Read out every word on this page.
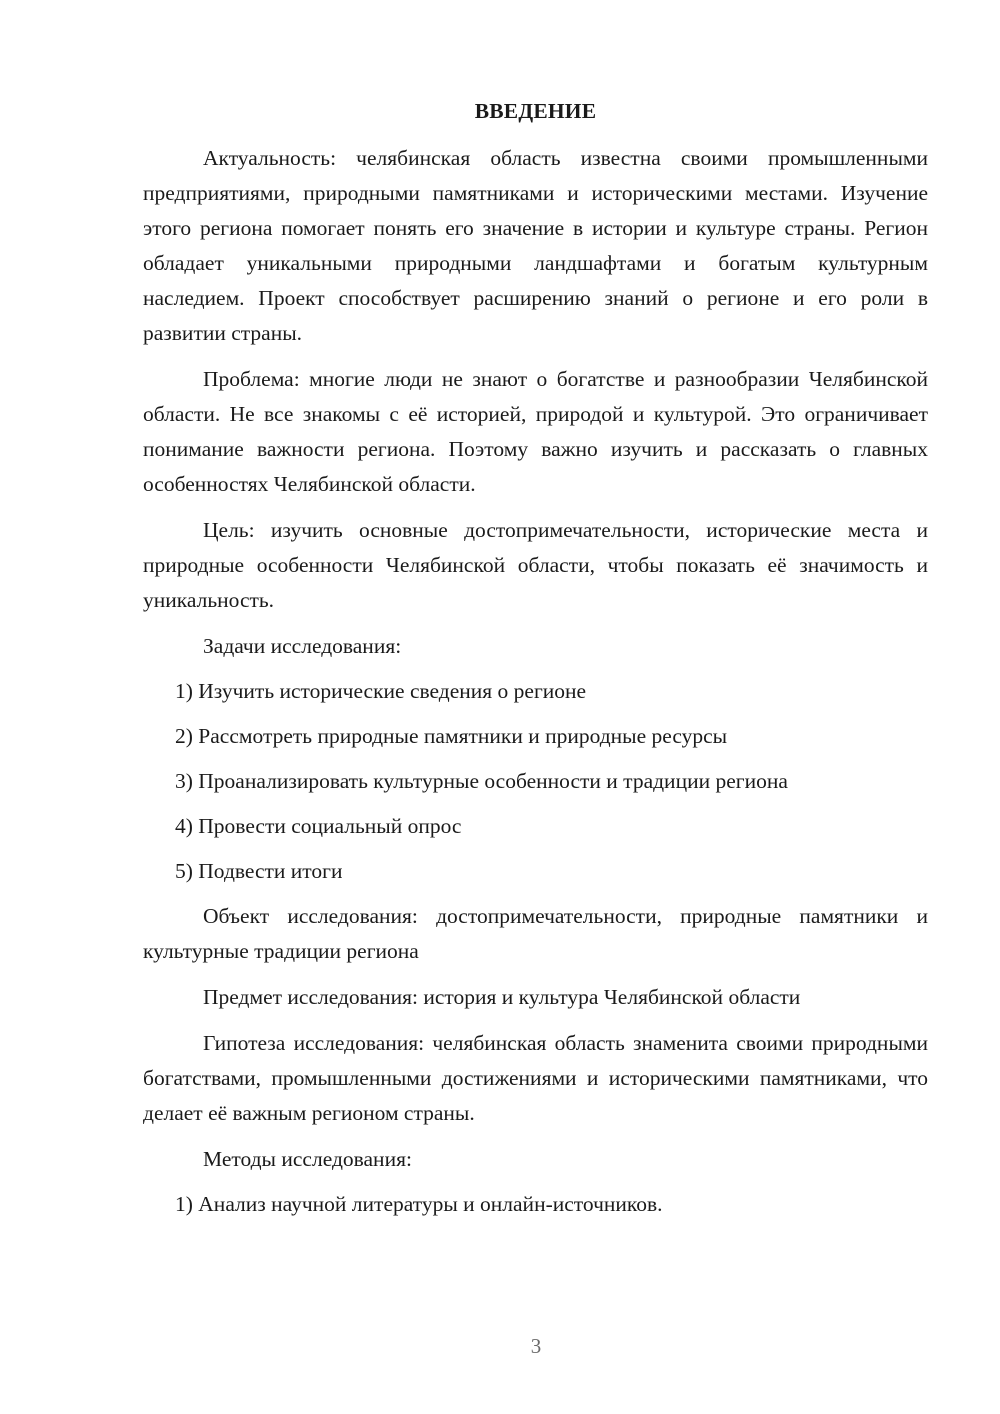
ВВЕДЕНИЕ

Актуальность: челябинская область известна своими промышленными предприятиями, природными памятниками и историческими местами. Изучение этого региона помогает понять его значение в истории и культуре страны. Регион обладает уникальными природными ландшафтами и богатым культурным наследием. Проект способствует расширению знаний о регионе и его роли в развитии страны.

Проблема: многие люди не знают о богатстве и разнообразии Челябинской области. Не все знакомы с её историей, природой и культурой. Это ограничивает понимание важности региона. Поэтому важно изучить и рассказать о главных особенностях Челябинской области.

Цель: изучить основные достопримечательности, исторические места и природные особенности Челябинской области, чтобы показать её значимость и уникальность.

Задачи исследования:
1) Изучить исторические сведения о регионе
2) Рассмотреть природные памятники и природные ресурсы
3) Проанализировать культурные особенности и традиции региона
4) Провести социальный опрос
5) Подвести итоги

Объект исследования: достопримечательности, природные памятники и культурные традиции региона

Предмет исследования: история и культура Челябинской области

Гипотеза исследования: челябинская область знаменита своими природными богатствами, промышленными достижениями и историческими памятниками, что делает её важным регионом страны.

Методы исследования:
1) Анализ научной литературы и онлайн-источников.
3
